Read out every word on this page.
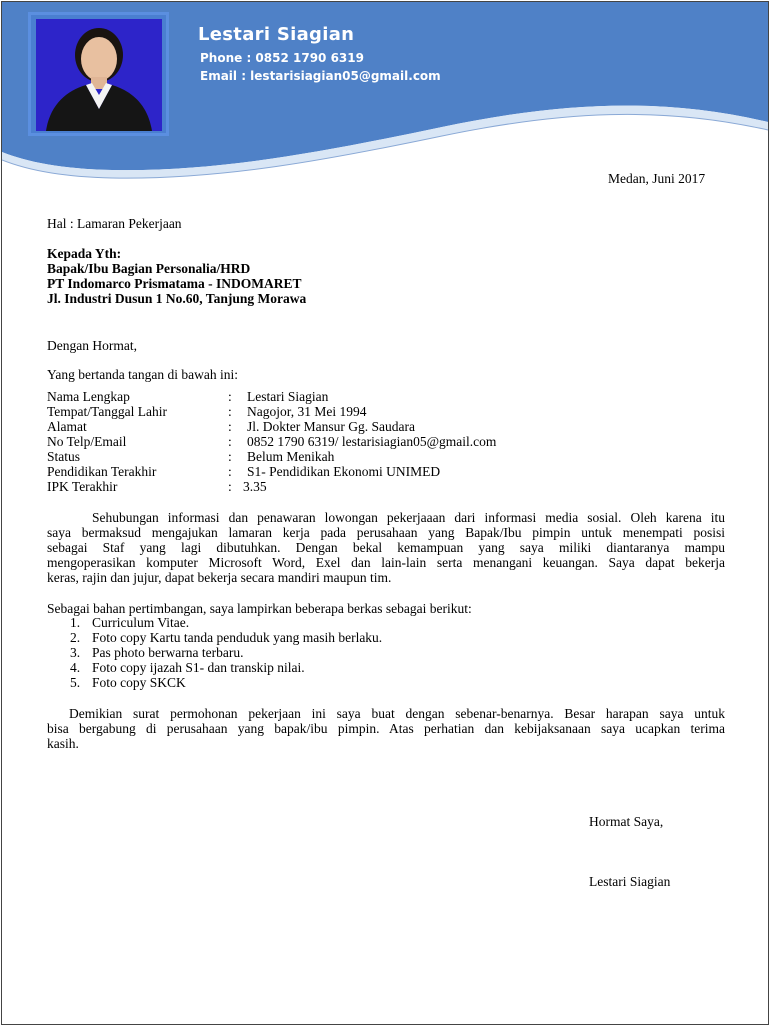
Lestari Siagian
Phone : 0852 1790 6319
Email : lestarisiagian05@gmail.com
Medan, Juni 2017
Hal : Lamaran Pekerjaan
Kepada Yth:
Bapak/Ibu Bagian Personalia/HRD
PT Indomarco Prismatama - INDOMARET
Jl. Industri Dusun 1 No.60, Tanjung Morawa
Dengan Hormat,
Yang bertanda tangan di bawah ini:
Nama Lengkap	: Lestari Siagian
Tempat/Tanggal Lahir	: Nagojor, 31 Mei 1994
Alamat	: Jl. Dokter Mansur Gg. Saudara
No Telp/Email	: 0852 1790 6319/ lestarisiagian05@gmail.com
Status	: Belum Menikah
Pendidikan Terakhir	: S1- Pendidikan Ekonomi UNIMED
IPK Terakhir	: 3.35
Sehubungan informasi dan penawaran lowongan pekerjaaan dari informasi media sosial. Oleh karena itu
saya bermaksud mengajukan lamaran kerja pada perusahaan yang Bapak/Ibu pimpin untuk menempati posisi
sebagai Staf yang lagi dibutuhkan. Dengan bekal kemampuan yang saya miliki diantaranya mampu
mengoperasikan komputer Microsoft Word, Exel dan lain-lain serta menangani keuangan. Saya dapat bekerja
keras, rajin dan jujur, dapat bekerja secara mandiri maupun tim.
Sebagai bahan pertimbangan, saya lampirkan beberapa berkas sebagai berikut:
1. Curriculum Vitae.
2. Foto copy Kartu tanda penduduk yang masih berlaku.
3. Pas photo berwarna terbaru.
4. Foto copy ijazah S1- dan transkip nilai.
5. Foto copy SKCK
Demikian surat permohonan pekerjaan ini saya buat dengan sebenar-benarnya. Besar harapan saya untuk
bisa bergabung di perusahaan yang bapak/ibu pimpin. Atas perhatian dan kebijaksanaan saya ucapkan terima
kasih.
Hormat Saya,
Lestari Siagian
